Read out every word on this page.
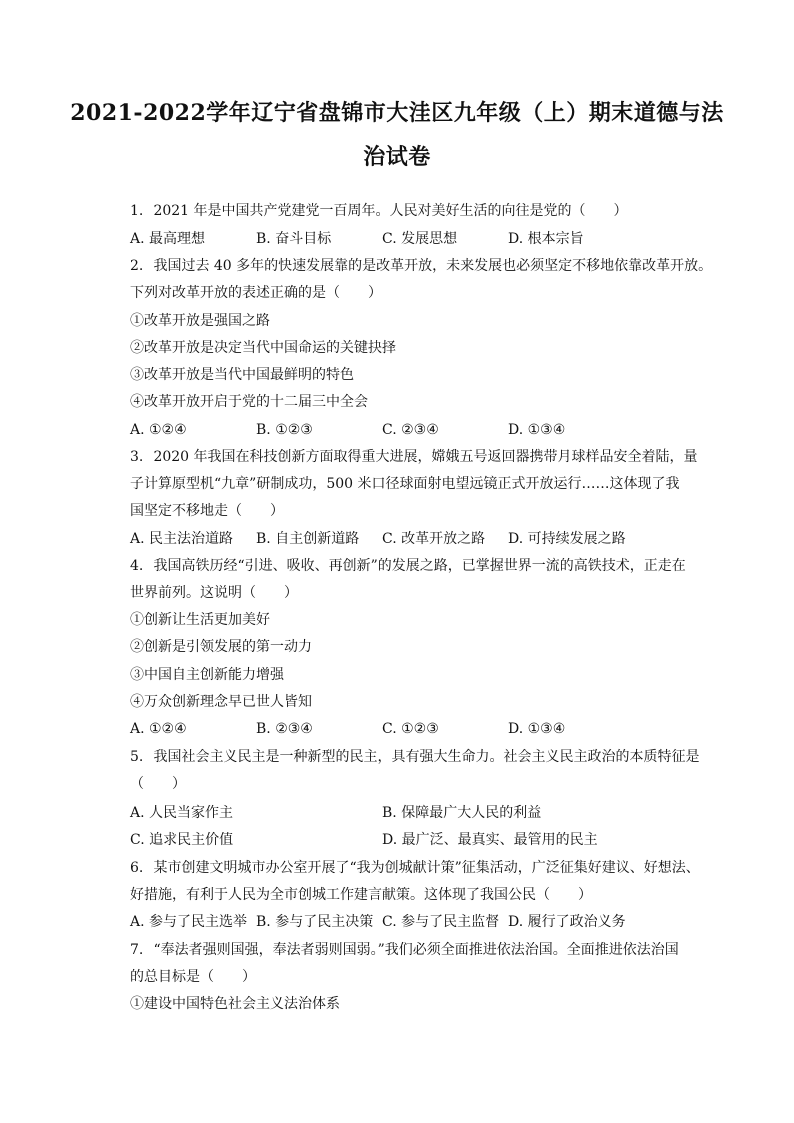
2021-2022学年辽宁省盘锦市大洼区九年级（上）期末道德与法
治试卷
1. 2021 年是中国共产党建党一百周年。人民对美好生活的向往是党的（　　）
A. 最高理想	B. 奋斗目标	C. 发展思想	D. 根本宗旨
2. 我国过去 40 多年的快速发展靠的是改革开放，未来发展也必须坚定不移地依靠改革开放。
下列对改革开放的表述正确的是（　　）
①改革开放是强国之路
②改革开放是决定当代中国命运的关键抉择
③改革开放是当代中国最鲜明的特色
④改革开放开启于党的十二届三中全会
A. ①②④	B. ①②③	C. ②③④	D. ①③④
3. 2020 年我国在科技创新方面取得重大进展，嫦娥五号返回器携带月球样品安全着陆，量
子计算原型机“九章”研制成功，500 米口径球面射电望远镜正式开放运行……这体现了我
国坚定不移地走（　　）
A. 民主法治道路 B. 自主创新道路 C. 改革开放之路 D. 可持续发展之路
4. 我国高铁历经“引进、吸收、再创新”的发展之路，已掌握世界一流的高铁技术，正走在
世界前列。这说明（　　）
①创新让生活更加美好
②创新是引领发展的第一动力
③中国自主创新能力增强
④万众创新理念早已世人皆知
A. ①②④	B. ②③④	C. ①②③	D. ①③④
5. 我国社会主义民主是一种新型的民主，具有强大生命力。社会主义民主政治的本质特征是
（　　）
A. 人民当家作主	B. 保障最广大人民的利益
C. 追求民主价值	D. 最广泛、最真实、最管用的民主
6. 某市创建文明城市办公室开展了“我为创城献计策”征集活动，广泛征集好建议、好想法、
好措施，有利于人民为全市创城工作建言献策。这体现了我国公民（　　）
A. 参与了民主选举 B. 参与了民主决策 C. 参与了民主监督 D. 履行了政治义务
7. “奉法者强则国强，奉法者弱则国弱。”我们必须全面推进依法治国。全面推进依法治国
的总目标是（　　）
①建设中国特色社会主义法治体系
